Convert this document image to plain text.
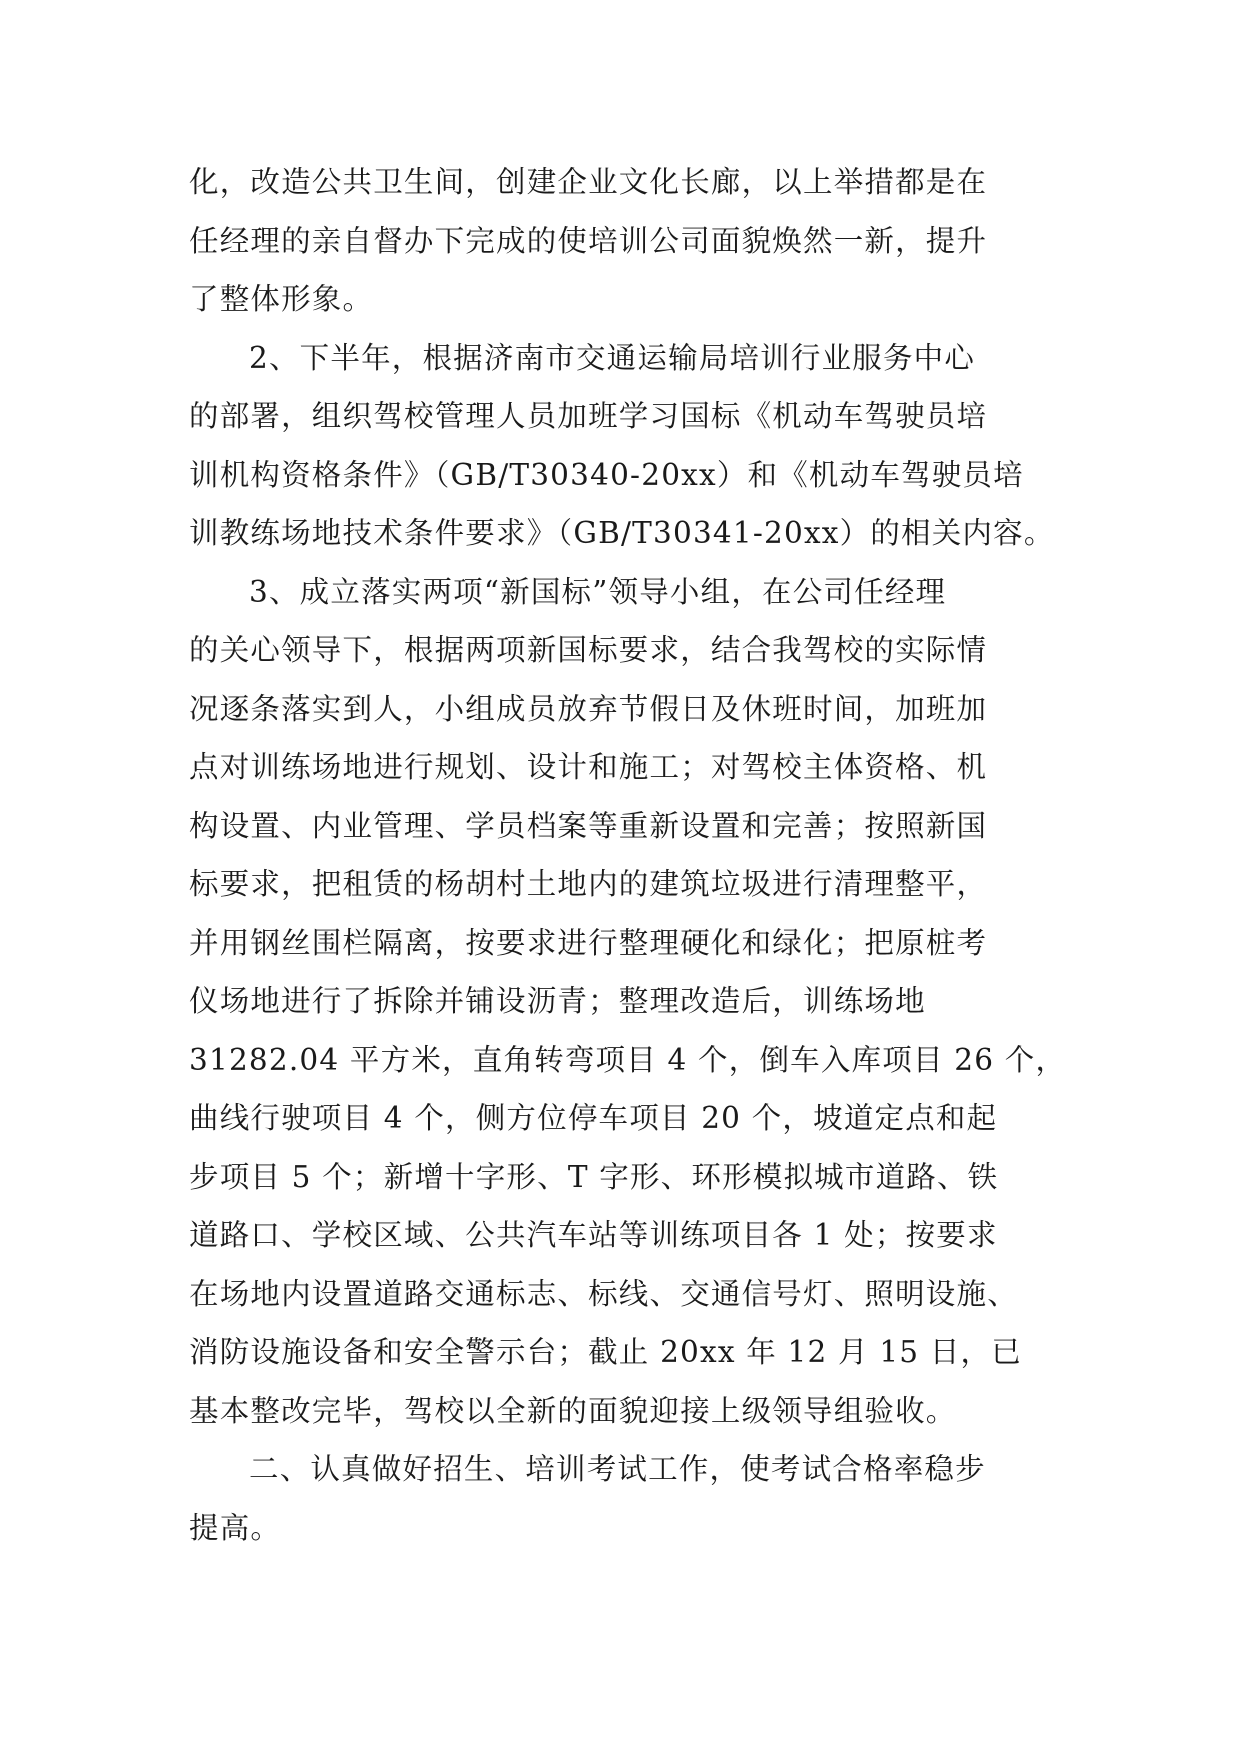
化，改造公共卫生间，创建企业文化长廊，以上举措都是在
任经理的亲自督办下完成的使培训公司面貌焕然一新，提升
了整体形象。
2、下半年，根据济南市交通运输局培训行业服务中心
的部署，组织驾校管理人员加班学习国标《机动车驾驶员培
训机构资格条件》（GB/T30340-20xx）和《机动车驾驶员培
训教练场地技术条件要求》（GB/T30341-20xx）的相关内容。
3、成立落实两项“新国标”领导小组，在公司任经理
的关心领导下，根据两项新国标要求，结合我驾校的实际情
况逐条落实到人，小组成员放弃节假日及休班时间，加班加
点对训练场地进行规划、设计和施工；对驾校主体资格、机
构设置、内业管理、学员档案等重新设置和完善；按照新国
标要求，把租赁的杨胡村土地内的建筑垃圾进行清理整平，
并用钢丝围栏隔离，按要求进行整理硬化和绿化；把原桩考
仪场地进行了拆除并铺设沥青；整理改造后，训练场地
31282.04 平方米，直角转弯项目 4 个，倒车入库项目 26 个，
曲线行驶项目 4 个，侧方位停车项目 20 个，坡道定点和起
步项目 5 个；新增十字形、T 字形、环形模拟城市道路、铁
道路口、学校区域、公共汽车站等训练项目各 1 处；按要求
在场地内设置道路交通标志、标线、交通信号灯、照明设施、
消防设施设备和安全警示台；截止 20xx 年 12 月 15 日，已
基本整改完毕，驾校以全新的面貌迎接上级领导组验收。
二、认真做好招生、培训考试工作，使考试合格率稳步
提高。
